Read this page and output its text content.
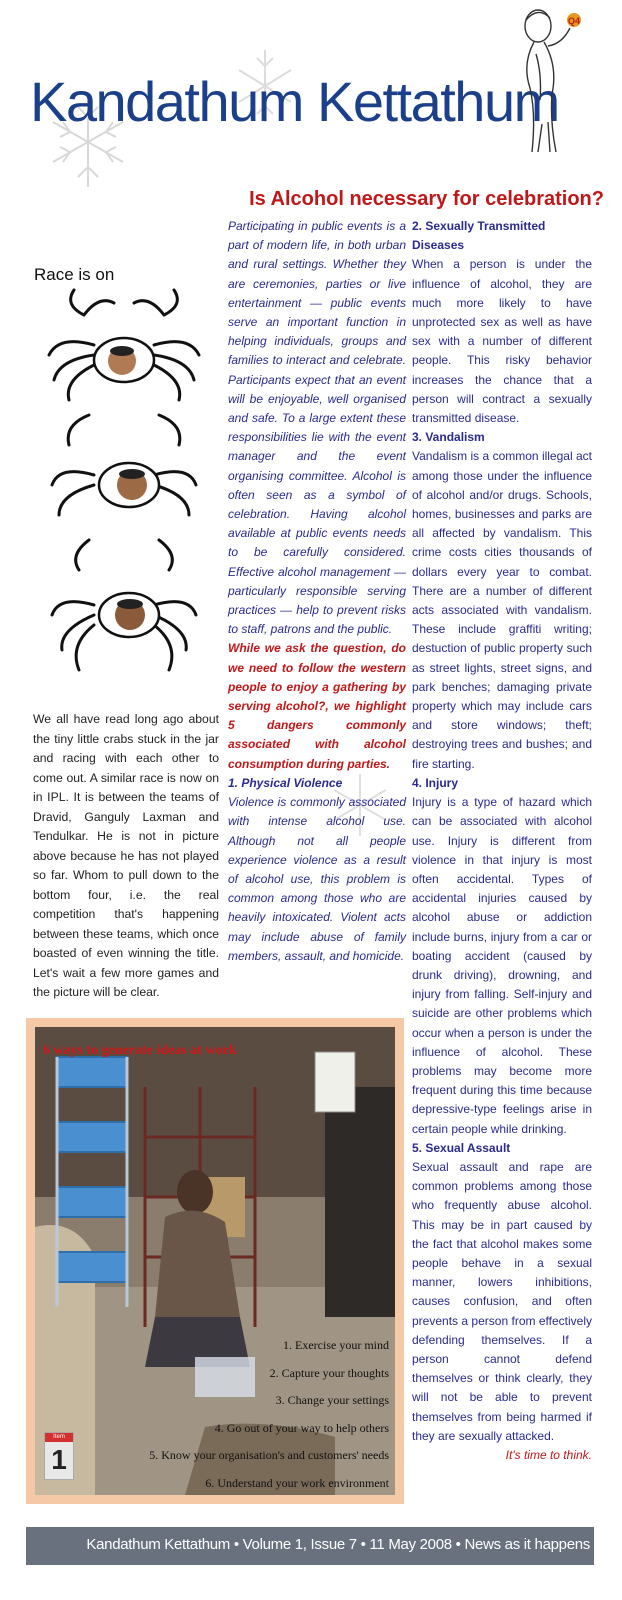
Kandathum Kettathum
Q4
Is Alcohol necessary for celebration?
Race is on
We all have read long ago about the tiny little crabs stuck in the jar and racing with each other to come out. A similar race is now on in IPL. It is between the teams of Dravid, Ganguly Laxman and Tendulkar. He is not in picture above because he has not played so far. Whom to pull down to the bottom four, i.e. the real competition that's happening between these teams, which once boasted of even winning the title. Let's wait a few more games and the picture will be clear.

Participating in public events is a part of modern life, in both urban and rural settings. Whether they are ceremonies, parties or live entertainment — public events serve an important function in helping individuals, groups and families to interact and celebrate. Participants expect that an event will be enjoyable, well organised and safe. To a large extent these responsibilities lie with the event manager and the event organising committee. Alcohol is often seen as a symbol of celebration. Having alcohol available at public events needs to be carefully considered. Effective alcohol management — particularly responsible serving practices — help to prevent risks to staff, patrons and the public.

While we ask the question, do we need to follow the western people to enjoy a gathering by serving alcohol?, we highlight 5 dangers commonly associated with alcohol consumption during parties.

1. Physical Violence

Violence is commonly associated with intense alcohol use. Although not all people experience violence as a result of alcohol use, this problem is common among those who are heavily intoxicated. Violent acts may include abuse of family members, assault, and homicide.

2. Sexually Transmitted Diseases

When a person is under the influence of alcohol, they are much more likely to have unprotected sex as well as have sex with a number of different people. This risky behavior increases the chance that a person will contract a sexually transmitted disease.

3. Vandalism

Vandalism is a common illegal act among those under the influence of alcohol and/or drugs. Schools, homes, businesses and parks are all affected by vandalism. This crime costs cities thousands of dollars every year to combat. There are a number of different acts associated with vandalism. These include graffiti writing; destuction of public property such as street lights, street signs, and park benches; damaging private property which may include cars and store windows; theft; destroying trees and bushes; and fire starting.

4. Injury

Injury is a type of hazard which can be associated with alcohol use. Injury is different from violence in that injury is most often accidental. Types of accidental injuries caused by alcohol abuse or addiction include burns, injury from a car or boating accident (caused by drunk driving), drowning, and injury from falling. Self-injury and suicide are other problems which occur when a person is under the influence of alcohol. These problems may become more frequent during this time because depressive-type feelings arise in certain people while drinking.

5. Sexual Assault

Sexual assault and rape are common problems among those who frequently abuse alcohol. This may be in part caused by the fact that alcohol makes some people behave in a sexual manner, lowers inhibitions, causes confusion, and often prevents a person from effectively defending themselves. If a person cannot defend themselves or think clearly, they will not be able to prevent themselves from being harmed if they are sexually attacked.

It's time to think.

6 ways to generate ideas at work
1. Exercise your mind
2. Capture your thoughts
3. Change your settings
4. Go out of your way to help others
5. Know your organisation's and customers' needs
6. Understand your work environment
Item
1
Kandathum Kettathum • Volume 1, Issue 7 • 11 May 2008 • News as it happens
